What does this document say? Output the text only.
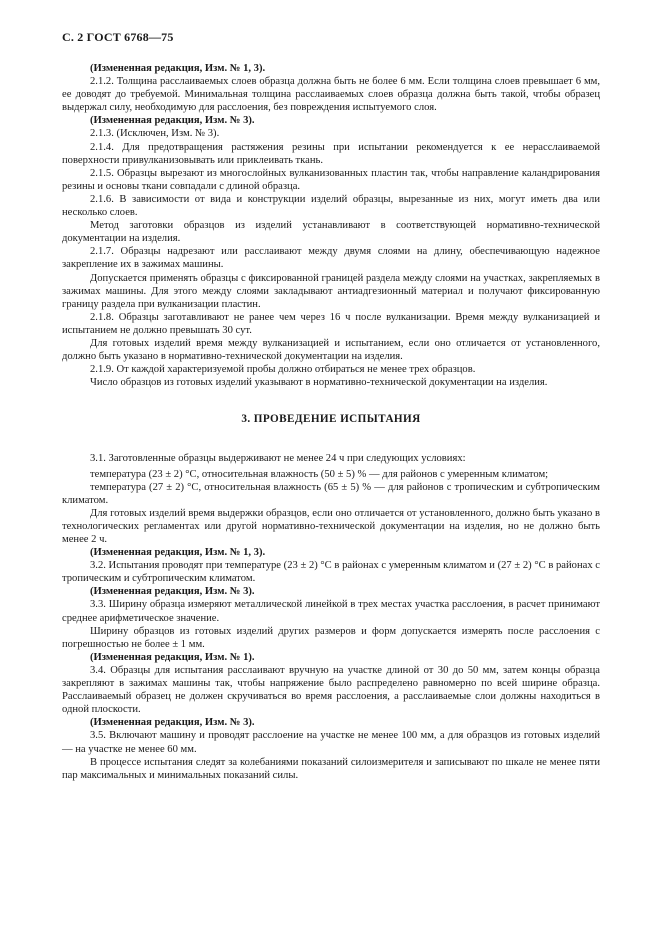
С. 2 ГОСТ 6768—75

(Измененная редакция, Изм. № 1, 3).

2.1.2. Толщина расслаиваемых слоев образца должна быть не более 6 мм. Если толщина слоев превышает 6 мм, ее доводят до требуемой. Минимальная толщина расслаиваемых слоев образца должна быть такой, чтобы образец выдержал силу, необходимую для расслоения, без повреждения испытуемого слоя.

(Измененная редакция, Изм. № 3).

2.1.3. (Исключен, Изм. № 3).

2.1.4. Для предотвращения растяжения резины при испытании рекомендуется к ее нерасслаиваемой поверхности привулканизовывать или приклеивать ткань.

2.1.5. Образцы вырезают из многослойных вулканизованных пластин так, чтобы направление каландрирования резины и основы ткани совпадали с длиной образца.

2.1.6. В зависимости от вида и конструкции изделий образцы, вырезанные из них, могут иметь два или несколько слоев.

Метод заготовки образцов из изделий устанавливают в соответствующей нормативно-технической документации на изделия.

2.1.7. Образцы надрезают или расслаивают между двумя слоями на длину, обеспечивающую надежное закрепление их в зажимах машины.

Допускается применять образцы с фиксированной границей раздела между слоями на участках, закрепляемых в зажимах машины. Для этого между слоями закладывают антиадгезионный материал и получают фиксированную границу раздела при вулканизации пластин.

2.1.8. Образцы заготавливают не ранее чем через 16 ч после вулканизации. Время между вулканизацией и испытанием не должно превышать 30 сут.

Для готовых изделий время между вулканизацией и испытанием, если оно отличается от установленного, должно быть указано в нормативно-технической документации на изделия.

2.1.9. От каждой характеризуемой пробы должно отбираться не менее трех образцов.

Число образцов из готовых изделий указывают в нормативно-технической документации на изделия.

3. ПРОВЕДЕНИЕ ИСПЫТАНИЯ

3.1. Заготовленные образцы выдерживают не менее 24 ч при следующих условиях:

температура (23 ± 2) °С, относительная влажность (50 ± 5) % — для районов с умеренным климатом;

температура (27 ± 2) °С, относительная влажность (65 ± 5) % — для районов с тропическим и субтропическим климатом.

Для готовых изделий время выдержки образцов, если оно отличается от установленного, должно быть указано в технологических регламентах или другой нормативно-технической документации на изделия, но не должно быть менее 2 ч.

(Измененная редакция, Изм. № 1, 3).

3.2. Испытания проводят при температуре (23 ± 2) °С в районах с умеренным климатом и (27 ± 2) °С в районах с тропическим и субтропическим климатом.

(Измененная редакция, Изм. № 3).

3.3. Ширину образца измеряют металлической линейкой в трех местах участка расслоения, в расчет принимают среднее арифметическое значение.

Ширину образцов из готовых изделий других размеров и форм допускается измерять после расслоения с погрешностью не более ± 1 мм.

(Измененная редакция, Изм. № 1).

3.4. Образцы для испытания расслаивают вручную на участке длиной от 30 до 50 мм, затем концы образца закрепляют в зажимах машины так, чтобы напряжение было распределено равномерно по всей ширине образца. Расслаиваемый образец не должен скручиваться во время расслоения, а расслаиваемые слои должны находиться в одной плоскости.

(Измененная редакция, Изм. № 3).

3.5. Включают машину и проводят расслоение на участке не менее 100 мм, а для образцов из готовых изделий — на участке не менее 60 мм.

В процессе испытания следят за колебаниями показаний силоизмерителя и записывают по шкале не менее пяти пар максимальных и минимальных показаний силы.
